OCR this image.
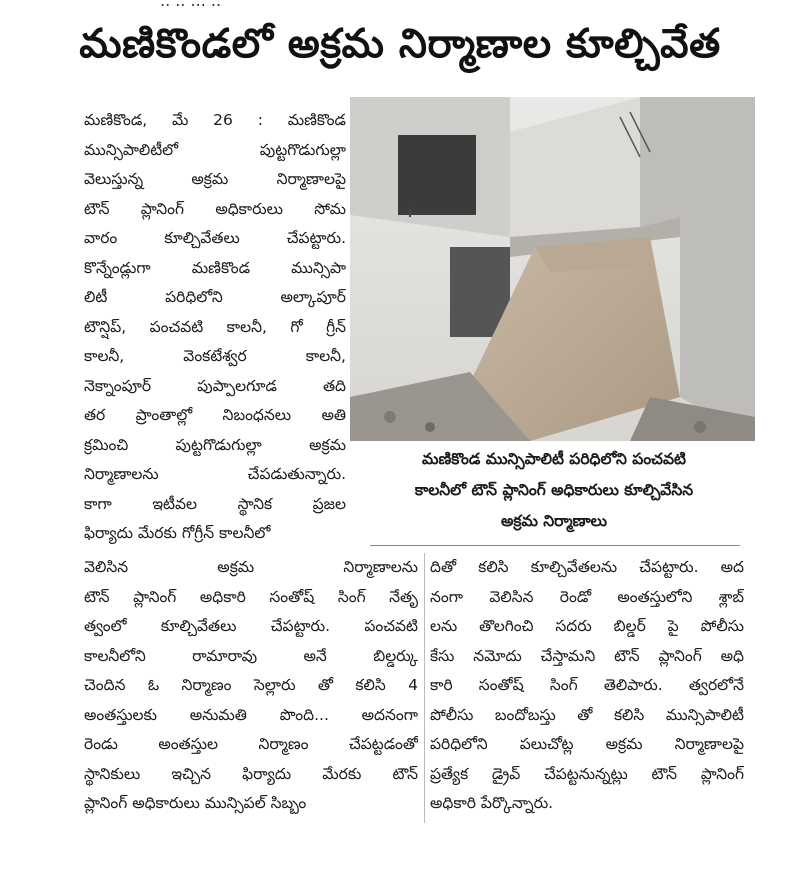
.. .. ... ..
మణికొండలో అక్రమ నిర్మాణాల కూల్చివేత
మణికొండ, మే 26 : మణికొండ
మున్సిపాలిటీలో పుట్టగొడుగుల్లా
వెలుస్తున్న అక్రమ నిర్మాణాలపై
టౌన్ ప్లానింగ్ అధికారులు సోమ
వారం కూల్చివేతలు చేపట్టారు.
కొన్నేండ్లుగా మణికొండ మున్సిపా
లిటీ పరిధిలోని అల్కాపూర్
టౌన్షిప్, పంచవటి కాలనీ, గో గ్రీన్
కాలనీ, వెంకటేశ్వర కాలనీ,
నెక్నాంపూర్ పుప్పాలగూడ తది
తర ప్రాంతాల్లో నిబంధనలు అతి
క్రమించి పుట్టగొడుగుల్లా అక్రమ
నిర్మాణాలను చేపడుతున్నారు.
కాగా ఇటీవల స్థానిక ప్రజల
ఫిర్యాదు మేరకు గోగ్రీన్ కాలనీలో
మణికొండ మున్సిపాలిటీ పరిధిలోని పంచవటి
కాలనీలో టౌన్ ప్లానింగ్ అధికారులు కూల్చివేసిన
అక్రమ నిర్మాణాలు
వెలిసిన అక్రమ నిర్మాణాలను
టౌన్ ప్లానింగ్ అధికారి సంతోష్ సింగ్ నేతృ
త్వంలో కూల్చివేతలు చేపట్టారు. పంచవటి
కాలనీలోని రామారావు అనే బిల్డర్కు
చెందిన ఓ నిర్మాణం సెల్లారు తో కలిసి 4
అంతస్తులకు అనుమతి పొంది... అదనంగా
రెండు అంతస్తుల నిర్మాణం చేపట్టడంతో
స్థానికులు ఇచ్చిన ఫిర్యాదు మేరకు టౌన్
ప్లానింగ్ అధికారులు మున్సిపల్ సిబ్బం
దితో కలిసి కూల్చివేతలను చేపట్టారు. అద
నంగా వెలిసిన రెండో అంతస్తులోని శ్లాబ్
లను తొలగించి సదరు బిల్డర్ పై పోలీసు
కేసు నమోదు చేస్తామని టౌన్ ప్లానింగ్ అధి
కారి సంతోష్ సింగ్ తెలిపారు. త్వరలోనే
పోలీసు బందోబస్తు తో కలిసి మున్సిపాలిటీ
పరిధిలోని పలుచోట్ల అక్రమ నిర్మాణాలపై
ప్రత్యేక డ్రైవ్ చేపట్టనున్నట్లు టౌన్ ప్లానింగ్
అధికారి పేర్కొన్నారు.
